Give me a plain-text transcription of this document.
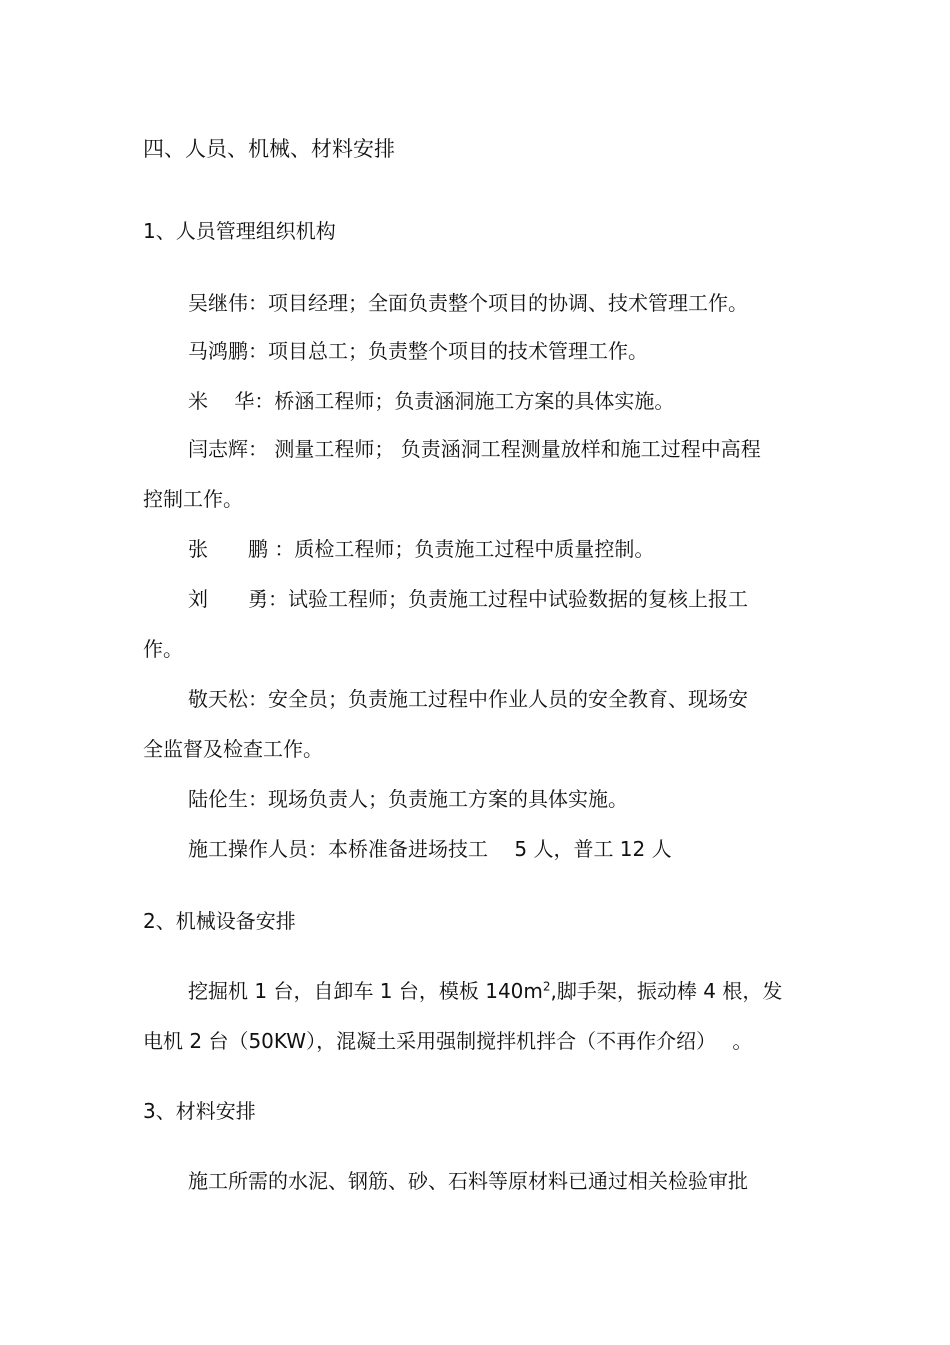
四、人员、机械、材料安排
1、人员管理组织机构
吴继伟：项目经理；全面负责整个项目的协调、技术管理工作。
马鸿鹏：项目总工；负责整个项目的技术管理工作。
米　 华：桥涵工程师；负责涵洞施工方案的具体实施。
闫志辉： 测量工程师； 负责涵洞工程测量放样和施工过程中高程
控制工作。
张　　鹏 ：质检工程师；负责施工过程中质量控制。
刘　　勇：试验工程师；负责施工过程中试验数据的复核上报工
作。
敬天松：安全员；负责施工过程中作业人员的安全教育、现场安
全监督及检查工作。
陆伦生：现场负责人；负责施工方案的具体实施。
施工操作人员：本桥准备进场技工　 5 人，普工 12 人
2、机械设备安排
挖掘机 1 台，自卸车 1 台，模板 $140m^2$,脚手架，振动棒 4 根，发
电机 2 台（50KW），混凝土采用强制搅拌机拌合（不再作介绍）　 。
3、材料安排
施工所需的水泥、钢筋、砂、石料等原材料已通过相关检验审批
